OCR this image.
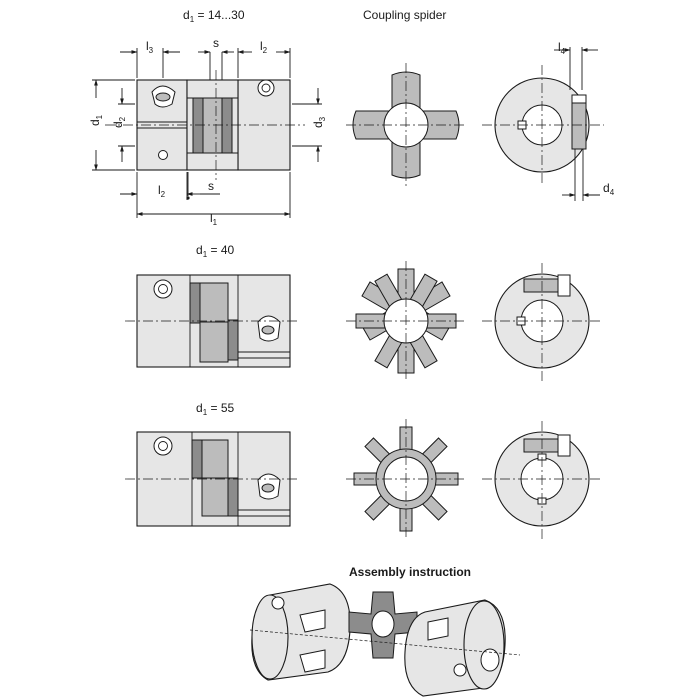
$d_1 = 14...30$	Coupling spider
$l_3$
s	$l_2$
$d_1$
$d_2$
$d_3$
$l_2$
s
$l_1$
$l_4$
$d_4$
$d_1 = 40$
$d_1 = 55$
Assembly instruction
